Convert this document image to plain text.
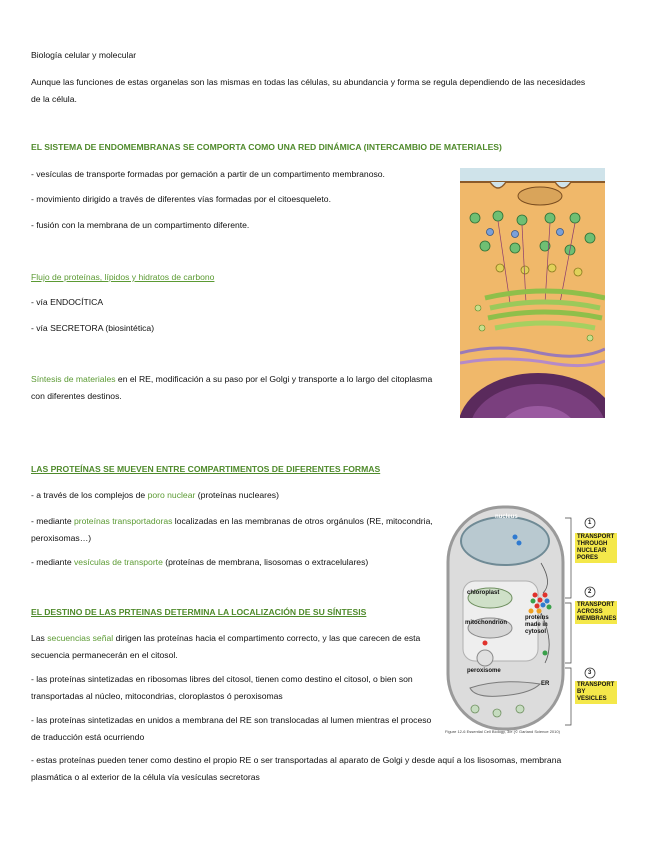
Biología celular y molecular

Aunque las funciones de estas organelas son las mismas en todas las células, su abundancia y forma se regula dependiendo de las necesidades de la célula.

EL SISTEMA DE ENDOMEMBRANAS SE COMPORTA COMO UNA RED DINÁMICA (INTERCAMBIO DE MATERIALES)

- vesículas de transporte formadas por gemación a partir de un compartimento membranoso.

- movimiento dirigido a través de diferentes vías formadas por el citoesqueleto.

- fusión con la membrana de un compartimento diferente.

Flujo de proteínas, lípidos y hidratos de carbono

- vía ENDOCÍTICA

- vía SECRETORA (biosintética)

Síntesis de materiales en el RE, modificación a su paso por el Golgi y transporte a lo largo del citoplasma con diferentes destinos.

LAS PROTEÍNAS SE MUEVEN ENTRE COMPARTIMENTOS DE DIFERENTES FORMAS

- a través de los complejos de poro nuclear (proteínas nucleares)

- mediante proteínas transportadoras localizadas en las membranas de otros orgánulos (RE, mitocondria, peroxisomas…)

- mediante vesículas de transporte (proteínas de membrana, lisosomas o extracelulares)

nucleus
chloroplast
mitochondrion
peroxisome
ER
proteins made in cytosol
1
2
3
TRANSPORT THROUGH NUCLEAR PORES
TRANSPORT ACROSS MEMBRANES
TRANSPORT BY VESICLES
Figure 12-6 Essential Cell Biology, 3/e (© Garland Science 2010)

EL DESTINO DE LAS PRTEINAS DETERMINA LA LOCALIZACIÓN DE SU SÍNTESIS

Las secuencias señal dirigen las proteínas hacia el compartimento correcto, y las que carecen de esta secuencia permanecerán en el citosol.

- las proteínas sintetizadas en ribosomas libres del citosol, tienen como destino el citosol, o bien son transportadas al núcleo, mitocondrias, cloroplastos ó peroxisomas

- las proteínas sintetizadas en unidos a membrana del RE son translocadas al lumen mientras el proceso de traducción está ocurriendo

- estas proteínas pueden tener como destino el propio RE o ser transportadas al aparato de Golgi y desde aquí a los lisosomas, membrana plasmática o al exterior de la célula vía vesículas secretoras
